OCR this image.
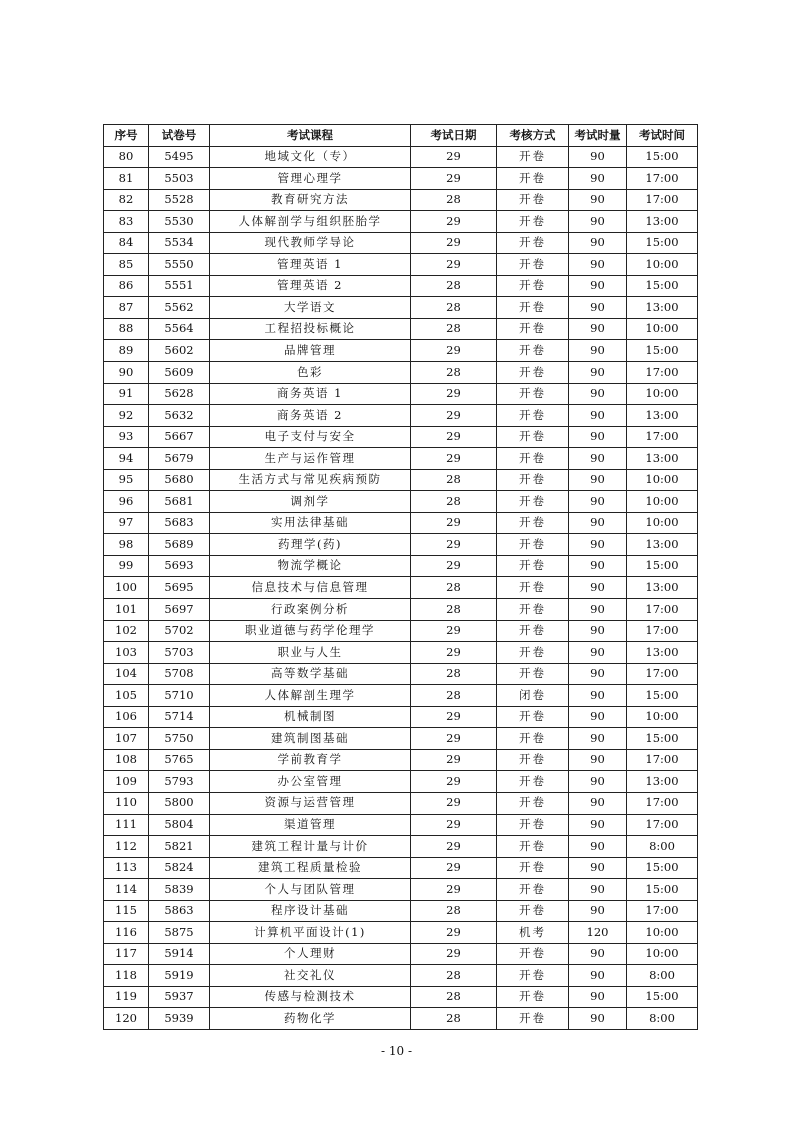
序号	试卷号	考试课程	考试日期	考核方式	考试时量	考试时间
80	5495	地域文化（专）	29	开卷	90	15:00
81	5503	管理心理学	29	开卷	90	17:00
82	5528	教育研究方法	28	开卷	90	17:00
83	5530	人体解剖学与组织胚胎学	29	开卷	90	13:00
84	5534	现代教师学导论	29	开卷	90	15:00
85	5550	管理英语 1	29	开卷	90	10:00
86	5551	管理英语 2	28	开卷	90	15:00
87	5562	大学语文	28	开卷	90	13:00
88	5564	工程招投标概论	28	开卷	90	10:00
89	5602	品牌管理	29	开卷	90	15:00
90	5609	色彩	28	开卷	90	17:00
91	5628	商务英语 1	29	开卷	90	10:00
92	5632	商务英语 2	29	开卷	90	13:00
93	5667	电子支付与安全	29	开卷	90	17:00
94	5679	生产与运作管理	29	开卷	90	13:00
95	5680	生活方式与常见疾病预防	28	开卷	90	10:00
96	5681	调剂学	28	开卷	90	10:00
97	5683	实用法律基础	29	开卷	90	10:00
98	5689	药理学(药)	29	开卷	90	13:00
99	5693	物流学概论	29	开卷	90	15:00
100	5695	信息技术与信息管理	28	开卷	90	13:00
101	5697	行政案例分析	28	开卷	90	17:00
102	5702	职业道德与药学伦理学	29	开卷	90	17:00
103	5703	职业与人生	29	开卷	90	13:00
104	5708	高等数学基础	28	开卷	90	17:00
105	5710	人体解剖生理学	28	闭卷	90	15:00
106	5714	机械制图	29	开卷	90	10:00
107	5750	建筑制图基础	29	开卷	90	15:00
108	5765	学前教育学	29	开卷	90	17:00
109	5793	办公室管理	29	开卷	90	13:00
110	5800	资源与运营管理	29	开卷	90	17:00
111	5804	渠道管理	29	开卷	90	17:00
112	5821	建筑工程计量与计价	29	开卷	90	8:00
113	5824	建筑工程质量检验	29	开卷	90	15:00
114	5839	个人与团队管理	29	开卷	90	15:00
115	5863	程序设计基础	28	开卷	90	17:00
116	5875	计算机平面设计(1)	29	机考	120	10:00
117	5914	个人理财	29	开卷	90	10:00
118	5919	社交礼仪	28	开卷	90	8:00
119	5937	传感与检测技术	28	开卷	90	15:00
120	5939	药物化学	28	开卷	90	8:00
- 10 -
